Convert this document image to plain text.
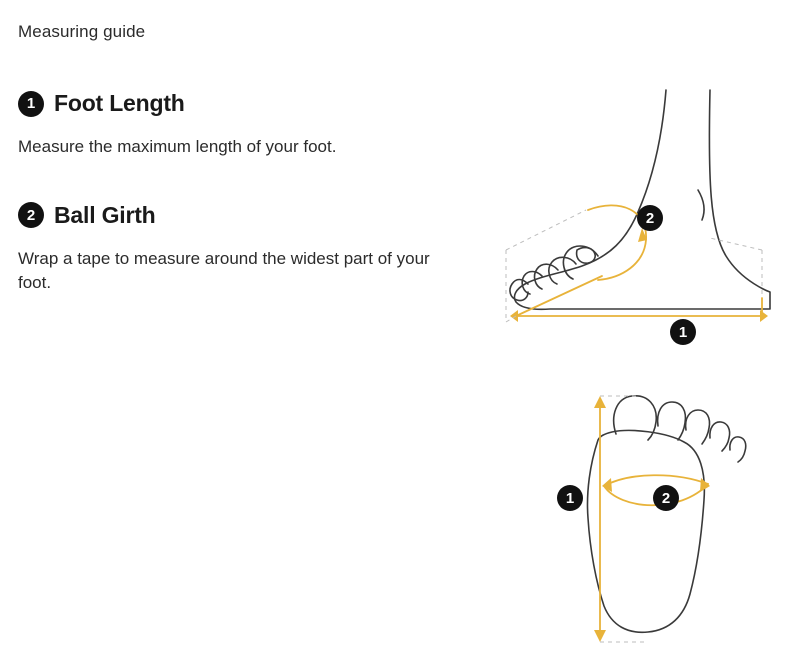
Measuring guide
1 Foot Length
Measure the maximum length of your foot.
2 Ball Girth
Wrap a tape to measure around the widest part of your foot.
2
1
2
1
